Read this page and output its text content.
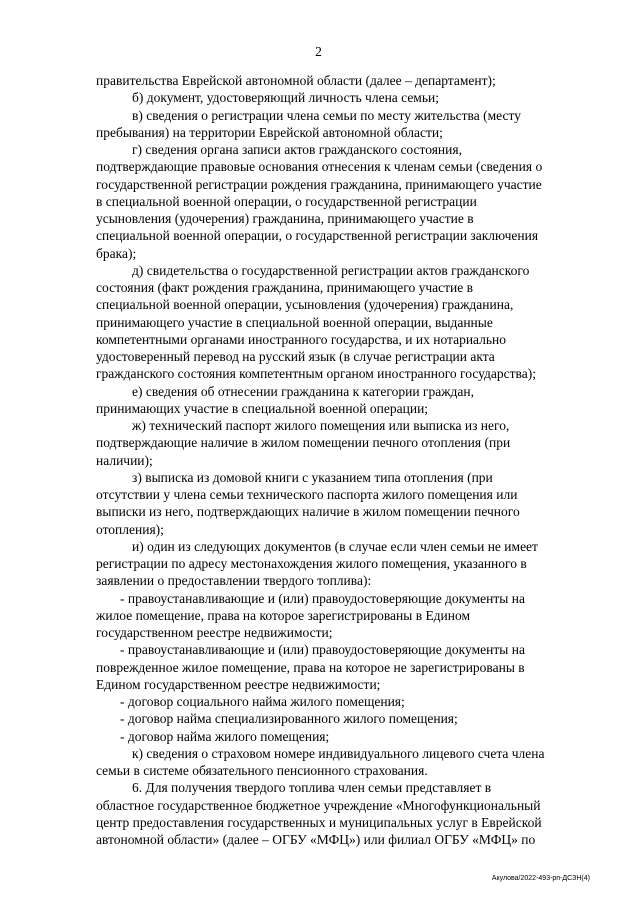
2

правительства Еврейской автономной области (далее – департамент);

б) документ, удостоверяющий личность члена семьи;

в) сведения о регистрации члена семьи по месту жительства (месту

пребывания) на территории Еврейской автономной области;

г) сведения органа записи актов гражданского состояния,

подтверждающие правовые основания отнесения к членам семьи (сведения о

государственной регистрации рождения гражданина, принимающего участие

в специальной военной операции, о государственной регистрации

усыновления (удочерения) гражданина, принимающего участие в

специальной военной операции, о государственной регистрации заключения

брака);

д) свидетельства о государственной регистрации актов гражданского

состояния (факт рождения гражданина, принимающего участие в

специальной военной операции, усыновления (удочерения) гражданина,

принимающего участие в специальной военной операции, выданные

компетентными органами иностранного государства, и их нотариально

удостоверенный перевод на русский язык (в случае регистрации акта

гражданского состояния компетентным органом иностранного государства);

е) сведения об отнесении гражданина к категории граждан,

принимающих участие в специальной военной операции;

ж) технический паспорт жилого помещения или выписка из него,

подтверждающие наличие в жилом помещении печного отопления (при

наличии);

з) выписка из домовой книги с указанием типа отопления (при

отсутствии у члена семьи технического паспорта жилого помещения или

выписки из него, подтверждающих наличие в жилом помещении печного

отопления);

и) один из следующих документов (в случае если член семьи не имеет

регистрации по адресу местонахождения жилого помещения, указанного в

заявлении о предоставлении твердого топлива):

- правоустанавливающие и (или) правоудостоверяющие документы на

жилое помещение, права на которое зарегистрированы в Едином

государственном реестре недвижимости;

- правоустанавливающие и (или) правоудостоверяющие документы на

поврежденное жилое помещение, права на которое не зарегистрированы в

Едином государственном реестре недвижимости;

- договор социального найма жилого помещения;

- договор найма специализированного жилого помещения;

- договор найма жилого помещения;

к) сведения о страховом номере индивидуального лицевого счета члена

семьи в системе обязательного пенсионного страхования.

6. Для получения твердого топлива член семьи представляет в

областное государственное бюджетное учреждение «Многофункциональный

центр предоставления государственных и муниципальных услуг в Еврейской

автономной области» (далее – ОГБУ «МФЦ») или филиал ОГБУ «МФЦ» по

Акулова/2022-493-рп-ДСЗН(4)
